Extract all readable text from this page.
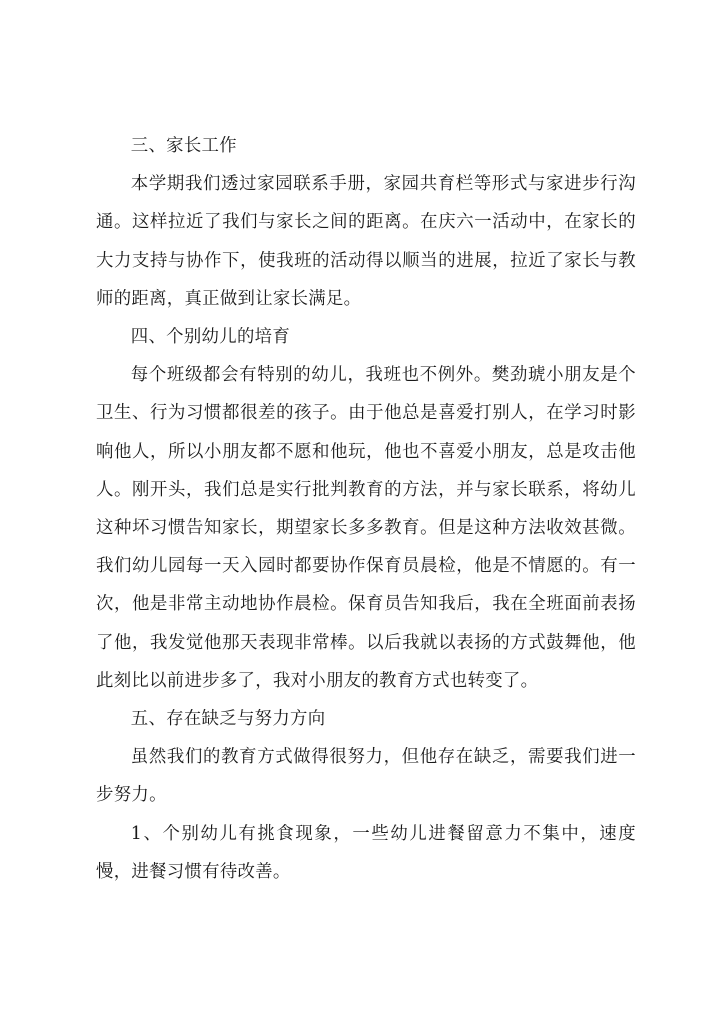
三、家长工作

本学期我们透过家园联系手册，家园共育栏等形式与家进步行沟通。这样拉近了我们与家长之间的距离。在庆六一活动中，在家长的大力支持与协作下，使我班的活动得以顺当的进展，拉近了家长与教师的距离，真正做到让家长满足。

四、个别幼儿的培育

每个班级都会有特别的幼儿，我班也不例外。樊劲琥小朋友是个卫生、行为习惯都很差的孩子。由于他总是喜爱打别人，在学习时影响他人，所以小朋友都不愿和他玩，他也不喜爱小朋友，总是攻击他人。刚开头，我们总是实行批判教育的方法，并与家长联系，将幼儿这种坏习惯告知家长，期望家长多多教育。但是这种方法收效甚微。我们幼儿园每一天入园时都要协作保育员晨检，他是不情愿的。有一次，他是非常主动地协作晨检。保育员告知我后，我在全班面前表扬了他，我发觉他那天表现非常棒。以后我就以表扬的方式鼓舞他，他此刻比以前进步多了，我对小朋友的教育方式也转变了。

五、存在缺乏与努力方向

虽然我们的教育方式做得很努力，但他存在缺乏，需要我们进一步努力。

1、个别幼儿有挑食现象，一些幼儿进餐留意力不集中，速度慢，进餐习惯有待改善。
